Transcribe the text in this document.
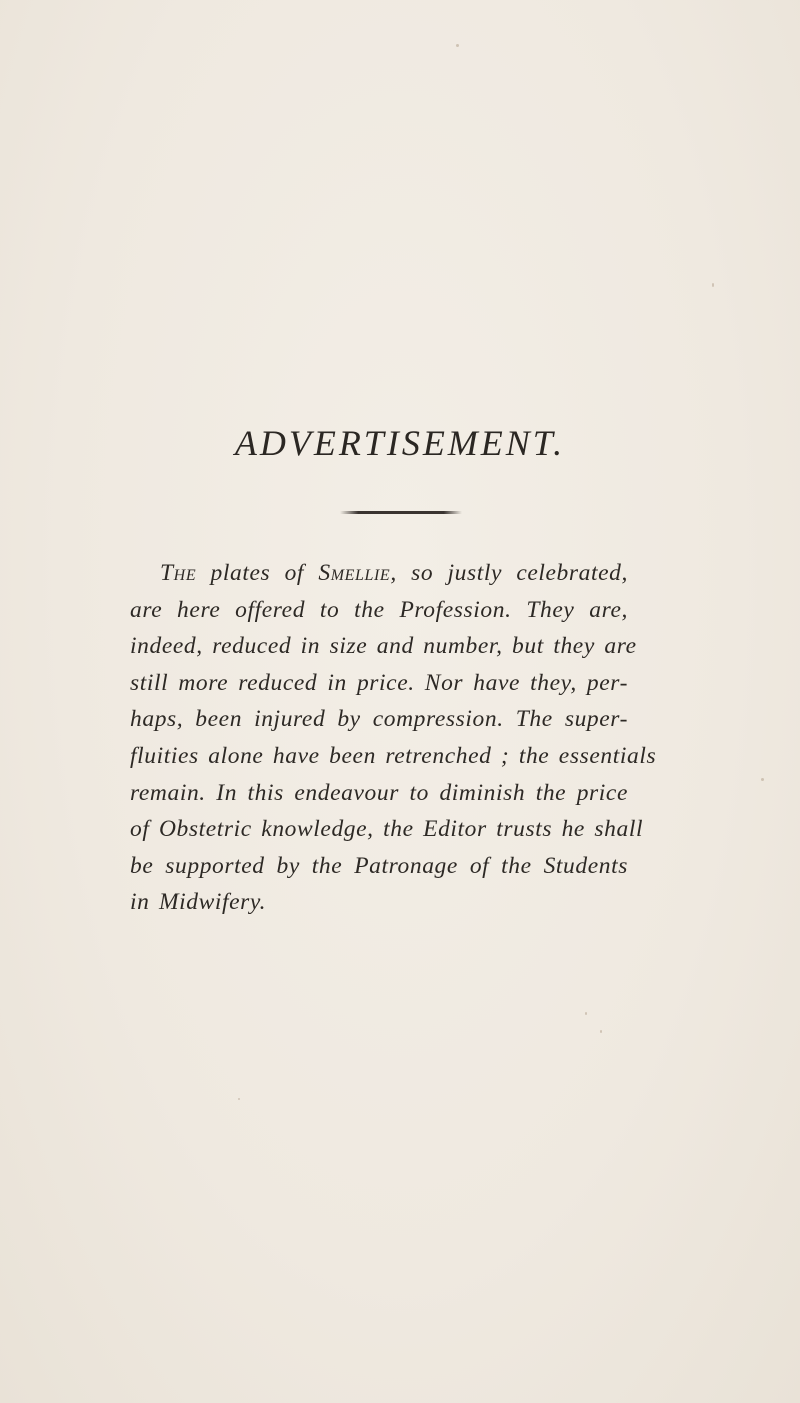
ADVERTISEMENT.
The plates of Smellie, so justly celebrated,
are here offered to the Profession. They are,
indeed, reduced in size and number, but they are
still more reduced in price. Nor have they, per-
haps, been injured by compression. The super-
fluities alone have been retrenched ; the essentials
remain. In this endeavour to diminish the price
of Obstetric knowledge, the Editor trusts he shall
be supported by the Patronage of the Students
in Midwifery.
